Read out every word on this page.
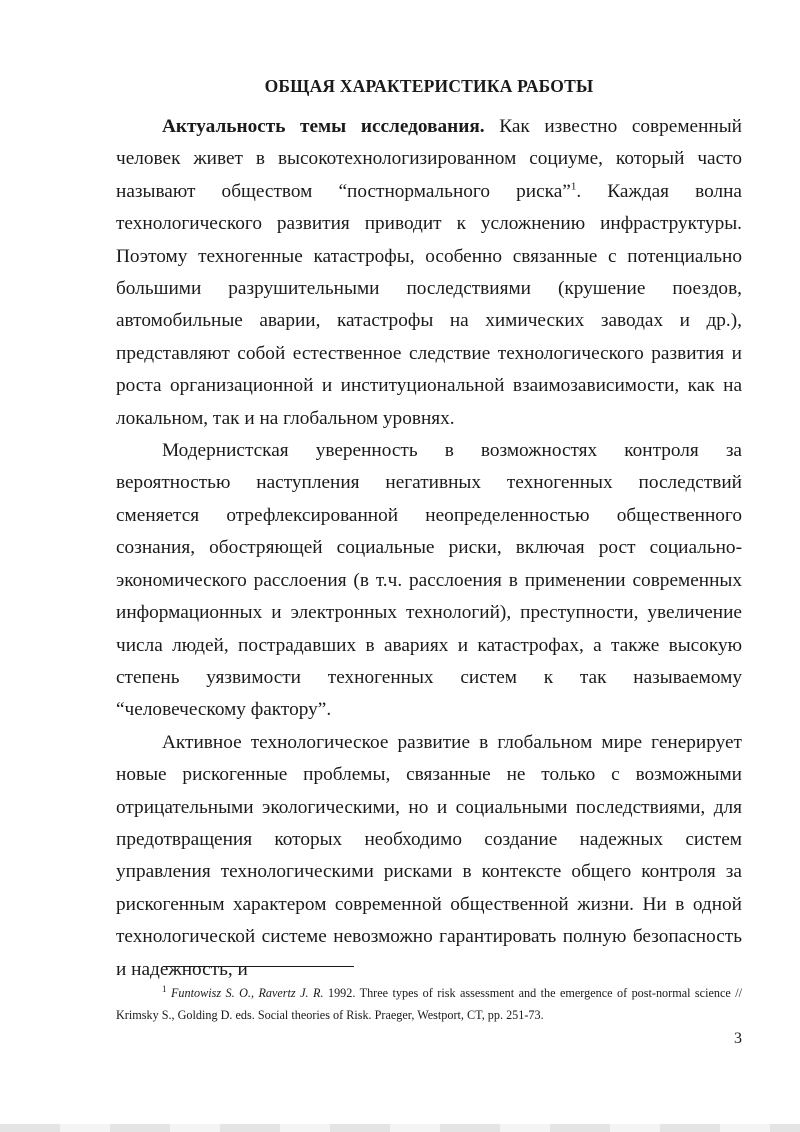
ОБЩАЯ ХАРАКТЕРИСТИКА РАБОТЫ

Актуальность темы исследования. Как известно современный человек живет в высокотехнологизированном социуме, который часто называют обществом “постнормального риска”$^1$. Каждая волна технологического развития приводит к усложнению инфраструктуры. Поэтому техногенные катастрофы, особенно связанные с потенциально большими разрушительными последствиями (крушение поездов, автомобильные аварии, катастрофы на химических заводах и др.), представляют собой естественное следствие технологического развития и роста организационной и институциональной взаимозависимости, как на локальном, так и на глобальном уровнях.

Модернистская уверенность в возможностях контроля за вероятностью наступления негативных техногенных последствий сменяется отрефлексированной неопределенностью общественного сознания, обостряющей социальные риски, включая рост социально-экономического расслоения (в т.ч. расслоения в применении современных информационных и электронных технологий), преступности, увеличение числа людей, пострадавших в авариях и катастрофах, а также высокую степень уязвимости техногенных систем к так называемому “человеческому фактору”.

Активное технологическое развитие в глобальном мире генерирует новые рискогенные проблемы, связанные не только с возможными отрицательными экологическими, но и социальными последствиями, для предотвращения которых необходимо создание надежных систем управления технологическими рисками в контексте общего контроля за рискогенным характером современной общественной жизни. Ни в одной технологической системе невозможно гарантировать полную безопасность и надежность, и

$^1$ Funtowisz S. O., Ravertz J. R. 1992. Three types of risk assessment and the emergence of post-normal science // Krimsky S., Golding D. eds. Social theories of Risk. Praeger, Westport, CT, pp. 251-73.

3
